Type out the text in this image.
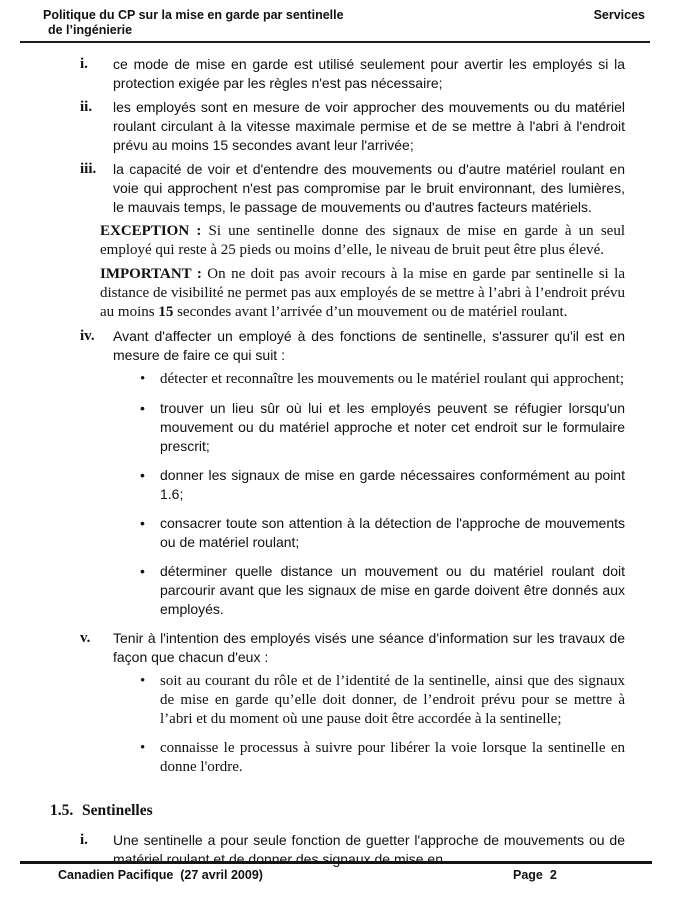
Politique du CP sur la mise en garde par sentinelle
de l’ingénierie
Services
i.	ce mode de mise en garde est utilisé seulement pour avertir les employés si la protection exigée par les règles n'est pas nécessaire;
ii.	les employés sont en mesure de voir approcher des mouvements ou du matériel roulant circulant à la vitesse maximale permise et de se mettre à l'abri à l'endroit prévu au moins 15 secondes avant leur l'arrivée;
iii.	la capacité de voir et d'entendre des mouvements ou d'autre matériel roulant en voie qui approchent n'est pas compromise par le bruit environnant, des lumières, le mauvais temps, le passage de mouvements ou d'autres facteurs matériels.

EXCEPTION : Si une sentinelle donne des signaux de mise en garde à un seul employé qui reste à 25 pieds ou moins d’elle, le niveau de bruit peut être plus élevé.

IMPORTANT : On ne doit pas avoir recours à la mise en garde par sentinelle si la distance de visibilité ne permet pas aux employés de se mettre à l’abri à l’endroit prévu au moins 15 secondes avant l’arrivée d’un mouvement ou de matériel roulant.

iv.	Avant d'affecter un employé à des fonctions de sentinelle, s'assurer qu'il est en mesure de faire ce qui suit :
• détecter et reconnaître les mouvements ou le matériel roulant qui approchent;
•	trouver un lieu sûr où lui et les employés peuvent se réfugier lorsqu'un mouvement ou du matériel approche et noter cet endroit sur le formulaire prescrit;
•	donner les signaux de mise en garde nécessaires conformément au point 1.6;
•	consacrer toute son attention à la détection de l'approche de mouvements ou de matériel roulant;
•	déterminer quelle distance un mouvement ou du matériel roulant doit parcourir avant que les signaux de mise en garde doivent être donnés aux employés.
v.	Tenir à l'intention des employés visés une séance d'information sur les travaux de façon que chacun d'eux :
• soit au courant du rôle et de l’identité de la sentinelle, ainsi que des signaux de mise en garde qu’elle doit donner, de l’endroit prévu pour se mettre à l’abri et du moment où une pause doit être accordée à la sentinelle;
• connaisse le processus à suivre pour libérer la voie lorsque la sentinelle en donne l'ordre.
1.5. Sentinelles
i.	Une sentinelle a pour seule fonction de guetter l'approche de mouvements ou de matériel roulant et de donner des signaux de mise en
Canadien Pacifique  (27 avril 2009)	Page  2
